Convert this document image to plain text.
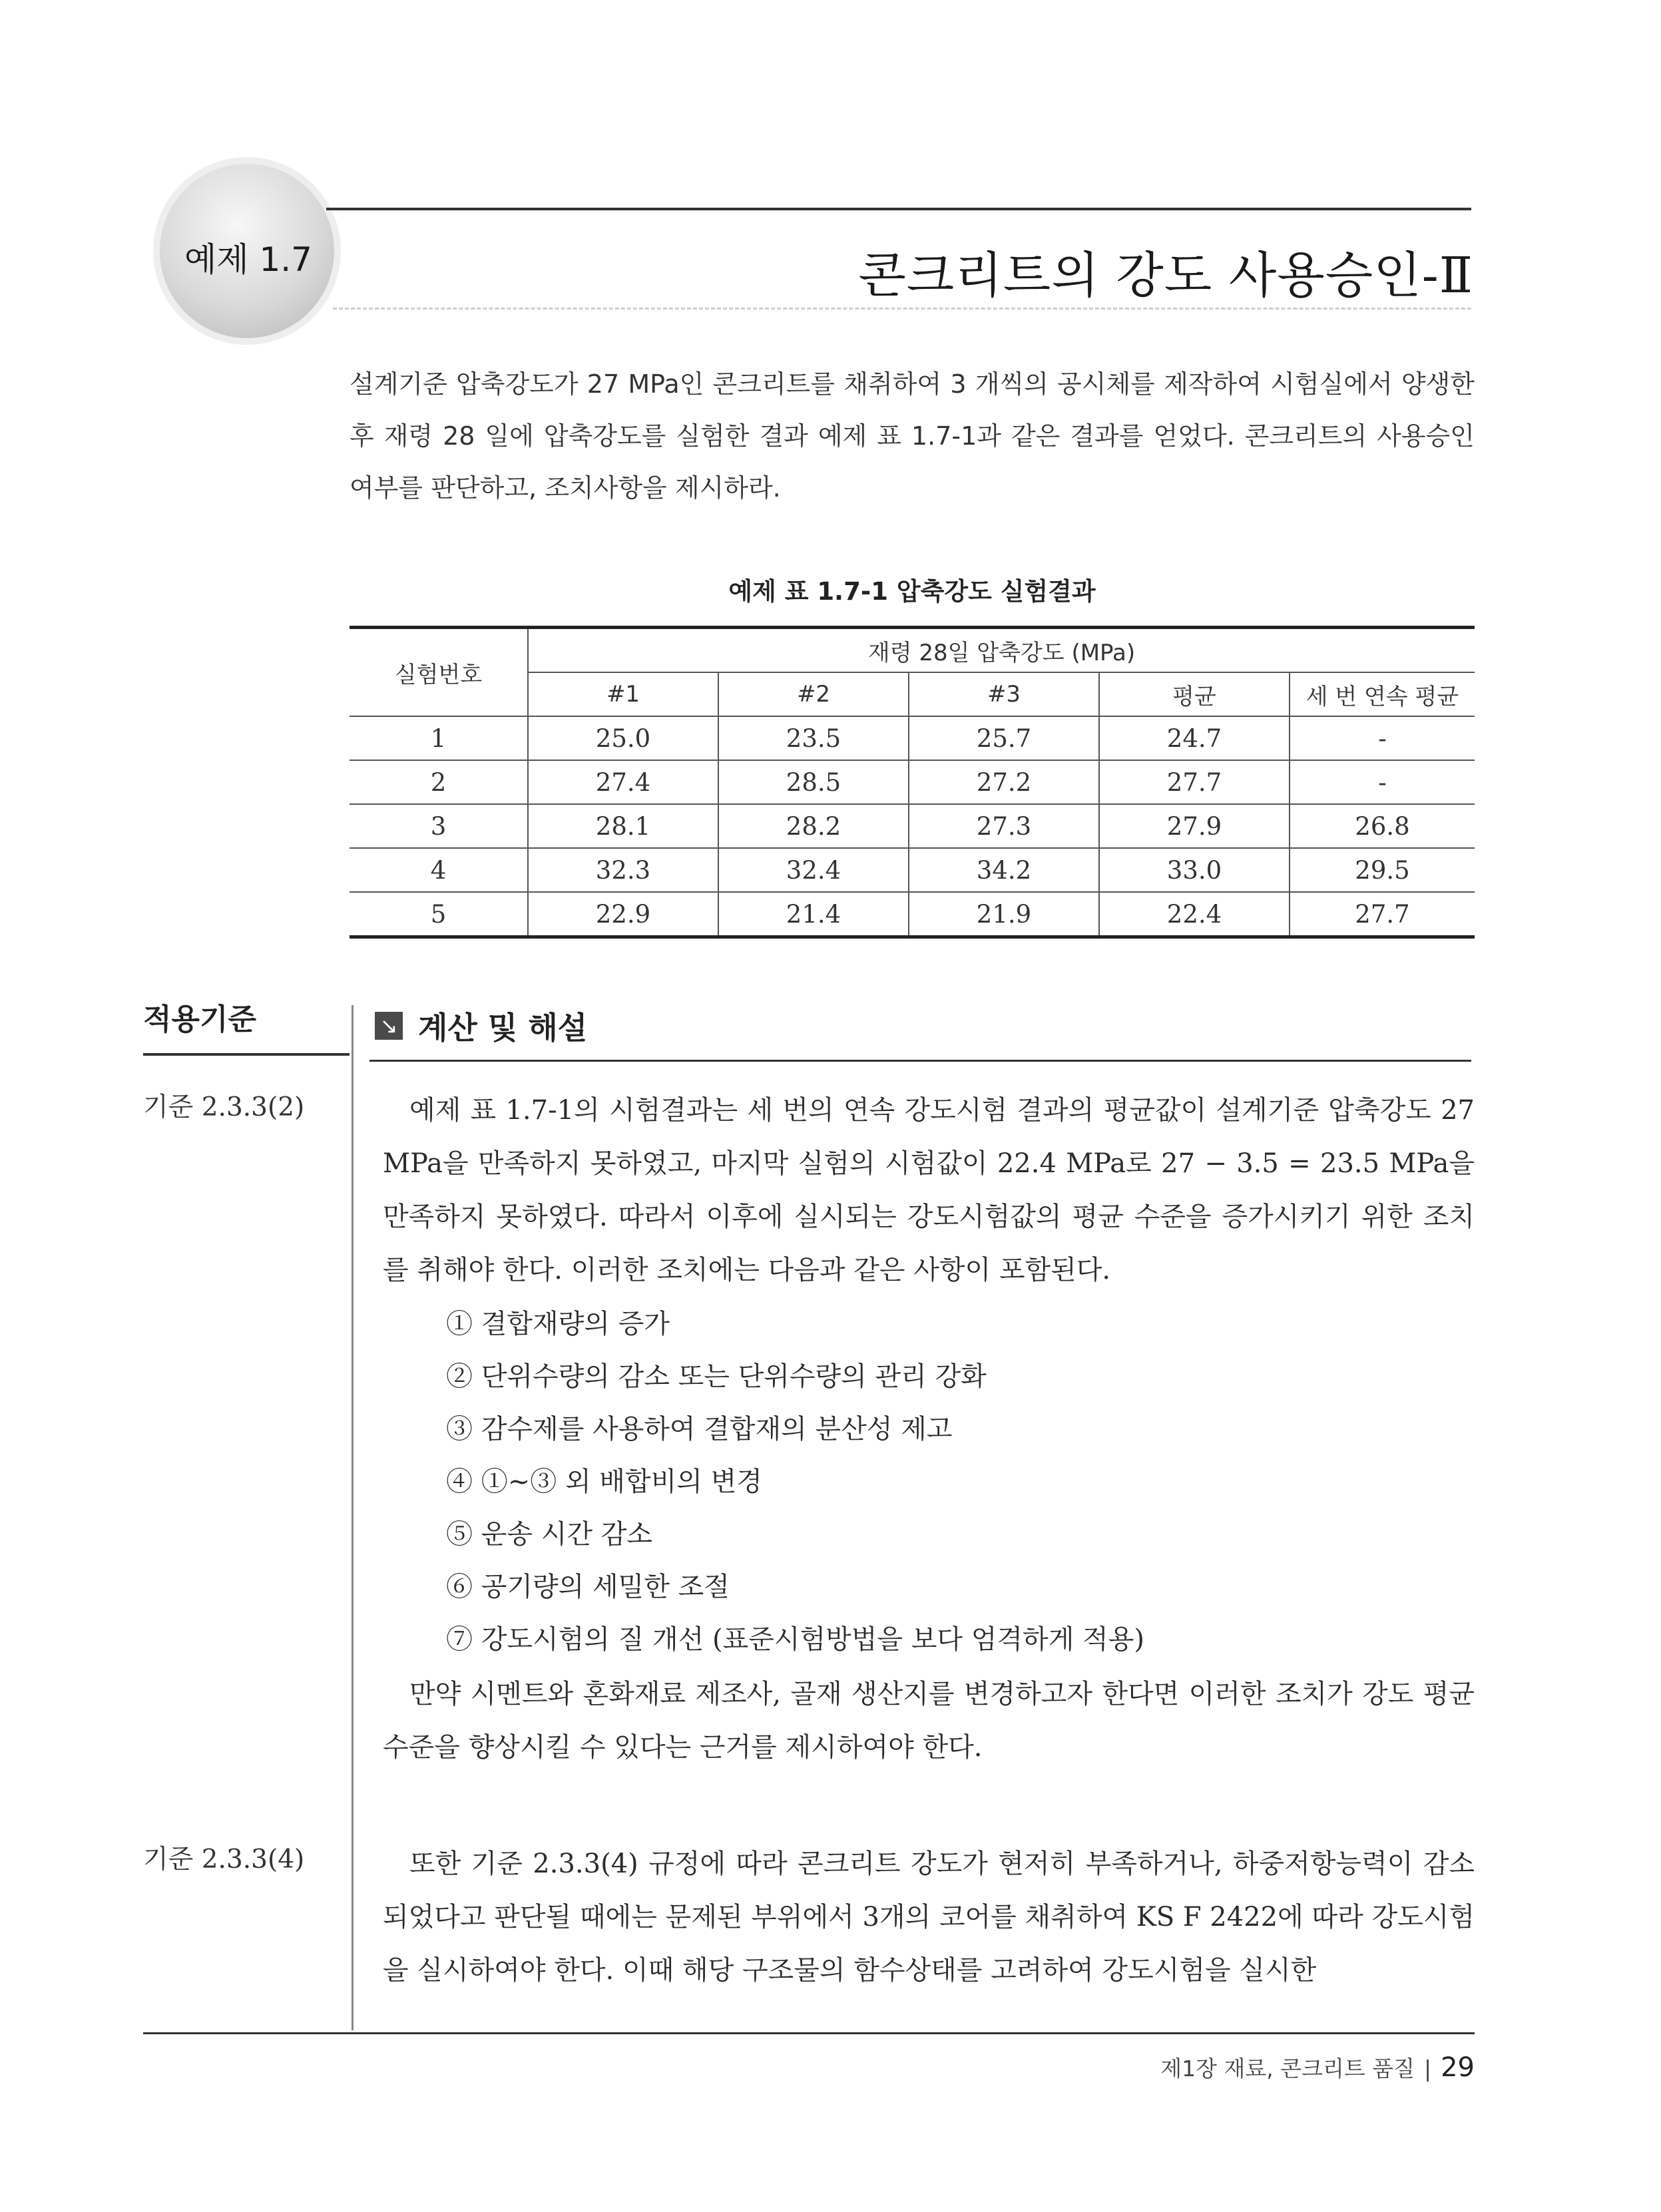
예제 1.7	콘크리트의 강도 사용승인-Ⅱ
설계기준 압축강도가 27 MPa인 콘크리트를 채취하여 3 개씩의 공시체를 제작하여 시험실에서 양생한 후 재령 28 일에 압축강도를 실험한 결과 예제 표 1.7-1과 같은 결과를 얻었다. 콘크리트의 사용승인 여부를 판단하고, 조치사항을 제시하라.
예제 표 1.7-1 압축강도 실험결과
실험번호	재령 28일 압축강도 (MPa)				
	#1	#2	#3	평균	세 번 연속 평균
1	25.0	23.5	25.7	24.7	-
2	27.4	28.5	27.2	27.7	-
3	28.1	28.2	27.3	27.9	26.8
4	32.3	32.4	34.2	33.0	29.5
5	22.9	21.4	21.9	22.4	27.7
적용기준
기준 2.3.3(2)
기준 2.3.3(4)
↘ 계산 및 해설
예제 표 1.7-1의 시험결과는 세 번의 연속 강도시험 결과의 평균값이 설계기준 압축강도 27 MPa을 만족하지 못하였고, 마지막 실험의 시험값이 22.4 MPa로 27 − 3.5 = 23.5 MPa을 만족하지 못하였다. 따라서 이후에 실시되는 강도시험값의 평균 수준을 증가시키기 위한 조치를 취해야 한다. 이러한 조치에는 다음과 같은 사항이 포함된다.
① 결합재량의 증가
② 단위수량의 감소 또는 단위수량의 관리 강화
③ 감수제를 사용하여 결합재의 분산성 제고
④ ①~③ 외 배합비의 변경
⑤ 운송 시간 감소
⑥ 공기량의 세밀한 조절
⑦ 강도시험의 질 개선 (표준시험방법을 보다 엄격하게 적용)
만약 시멘트와 혼화재료 제조사, 골재 생산지를 변경하고자 한다면 이러한 조치가 강도 평균 수준을 향상시킬 수 있다는 근거를 제시하여야 한다.
또한 기준 2.3.3(4) 규정에 따라 콘크리트 강도가 현저히 부족하거나, 하중저항능력이 감소되었다고 판단될 때에는 문제된 부위에서 3개의 코어를 채취하여 KS F 2422에 따라 강도시험을 실시하여야 한다. 이때 해당 구조물의 함수상태를 고려하여 강도시험을 실시한
제1장 재료, 콘크리트 품질 | 29
